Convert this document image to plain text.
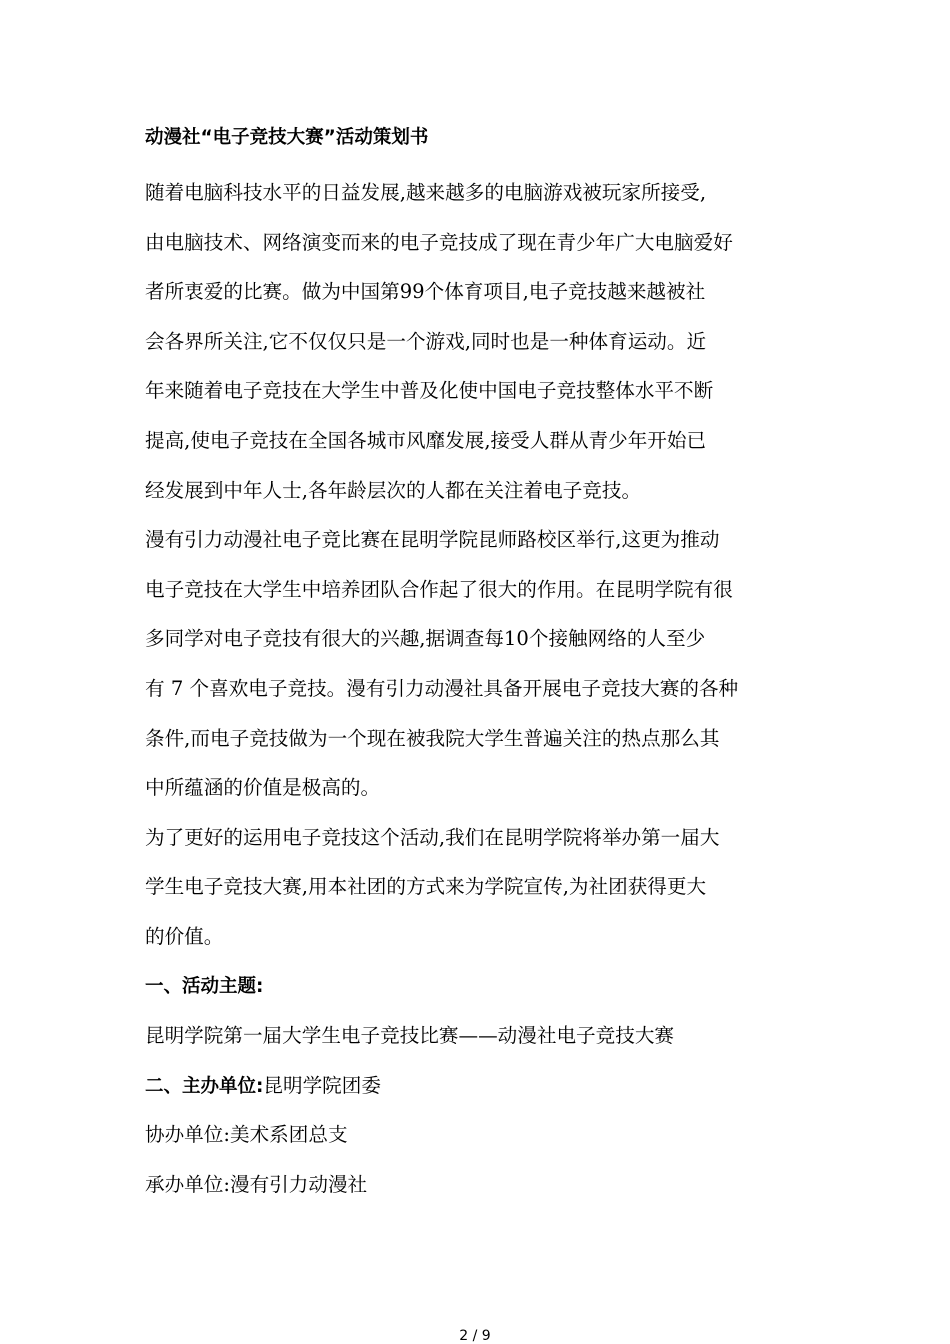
动漫社“电子竞技大赛”活动策划书
随着电脑科技水平的日益发展,越来越多的电脑游戏被玩家所接受,
由电脑技术、网络演变而来的电子竞技成了现在青少年广大电脑爱好
者所衷爱的比赛。做为中国第99个体育项目,电子竞技越来越被社
会各界所关注,它不仅仅只是一个游戏,同时也是一种体育运动。近
年来随着电子竞技在大学生中普及化使中国电子竞技整体水平不断
提高,使电子竞技在全国各城市风靡发展,接受人群从青少年开始已
经发展到中年人士,各年龄层次的人都在关注着电子竞技。
漫有引力动漫社电子竞比赛在昆明学院昆师路校区举行,这更为推动
电子竞技在大学生中培养团队合作起了很大的作用。在昆明学院有很
多同学对电子竞技有很大的兴趣,据调查每10个接触网络的人至少
有 7 个喜欢电子竞技。漫有引力动漫社具备开展电子竞技大赛的各种
条件,而电子竞技做为一个现在被我院大学生普遍关注的热点那么其
中所蕴涵的价值是极高的。
为了更好的运用电子竞技这个活动,我们在昆明学院将举办第一届大
学生电子竞技大赛,用本社团的方式来为学院宣传,为社团获得更大
的价值。
一、活动主题:
昆明学院第一届大学生电子竞技比赛——动漫社电子竞技大赛
二、主办单位:昆明学院团委
协办单位:美术系团总支
承办单位:漫有引力动漫社
2 / 9
